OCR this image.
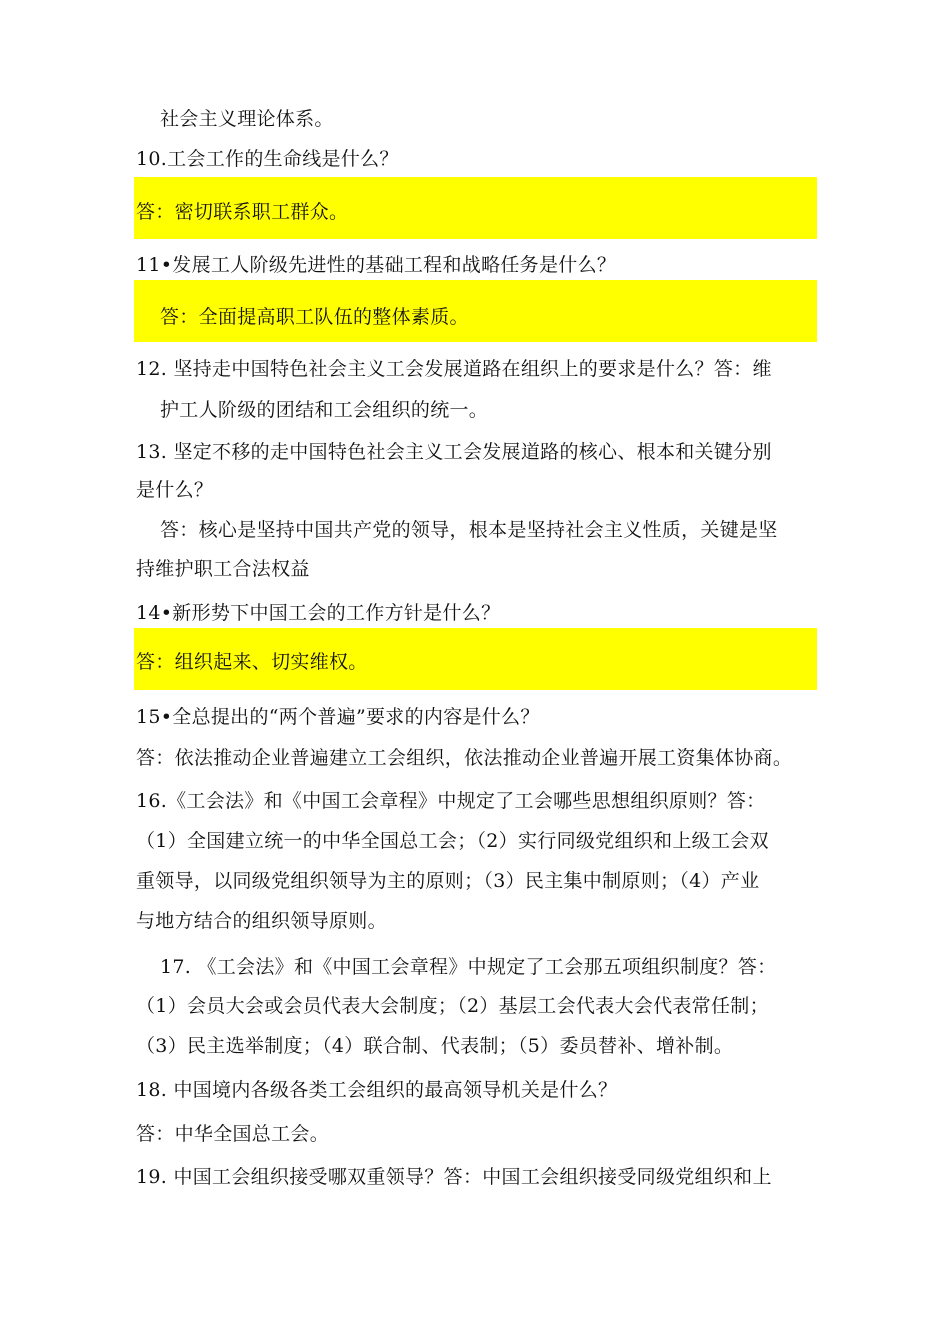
社会主义理论体系。
10.工会工作的生命线是什么？
答：密切联系职工群众。
11•发展工人阶级先进性的基础工程和战略任务是什么？
答：全面提高职工队伍的整体素质。
12. 坚持走中国特色社会主义工会发展道路在组织上的要求是什么？答：维
护工人阶级的团结和工会组织的统一。
13. 坚定不移的走中国特色社会主义工会发展道路的核心、根本和关键分别
是什么？
答：核心是坚持中国共产党的领导，根本是坚持社会主义性质，关键是坚
持维护职工合法权益
14•新形势下中国工会的工作方针是什么？
答：组织起来、切实维权。
15•全总提出的“两个普遍”要求的内容是什么？
答：依法推动企业普遍建立工会组织，依法推动企业普遍开展工资集体协商。
16.《工会法》和《中国工会章程》中规定了工会哪些思想组织原则？答：
（1）全国建立统一的中华全国总工会；（2）实行同级党组织和上级工会双
重领导，以同级党组织领导为主的原则；（3）民主集中制原则；（4）产业
与地方结合的组织领导原则。
17. 《工会法》和《中国工会章程》中规定了工会那五项组织制度？答：
（1）会员大会或会员代表大会制度；（2）基层工会代表大会代表常任制；
（3）民主选举制度；（4）联合制、代表制；（5）委员替补、增补制。
18. 中国境内各级各类工会组织的最高领导机关是什么？
答：中华全国总工会。
19. 中国工会组织接受哪双重领导？答：中国工会组织接受同级党组织和上
